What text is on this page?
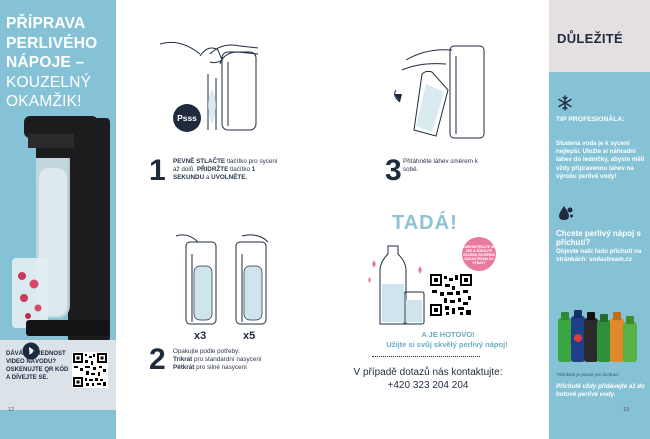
PŘÍPRAVA
PERLIVÉHO
NÁPOJE –
KOUZELNÝ
OKAMŽIK!
DÁVÁTE PŘEDNOST VIDEO NÁVODU?
OSKENUJTE QR KÓD A DÍVEJTE SE.
12
Psss
1 PEVNĚ STLAČTE tlačítko pro sycení až dolů. PŘIDRŽTE tlačítko 1 SEKUNDU a UVOLNĚTE.	3 Přitáhněte láhev směrem k sobě.
x3	x5
2 Opakujte podle potřeby:
Trikrát pro standardní nasycení
Pětkrát pro silné nasycení
TADÁ!
ZAREGISTRUJTE SE ZDE A ZÍSKEJTE ZDARMA ZKUŠEBNÍ SODASTREAM DO VÝBAVY
A JE HOTOVO!
Užijte si svůj skvělý perlivý nápoj!
V případě dotazů nás kontaktujte:
+420 323 204 204
DŮLEŽITÉ
TIP PROFESIONÁLA:
Studená voda je k sycení nejlepší. Uložte si náhradní lahev do ledničky, abyste měli vždy připravenou lahev na výrobu perlivé vody!
Chcete perlivý nápoj s příchutí?
Objevte naši řadu příchutí na stránkách: sodastream.cz
*Obrázek je pouze pro ilustraci
Příchutě vždy přidávejte až do hotové perlivé vody.
13
